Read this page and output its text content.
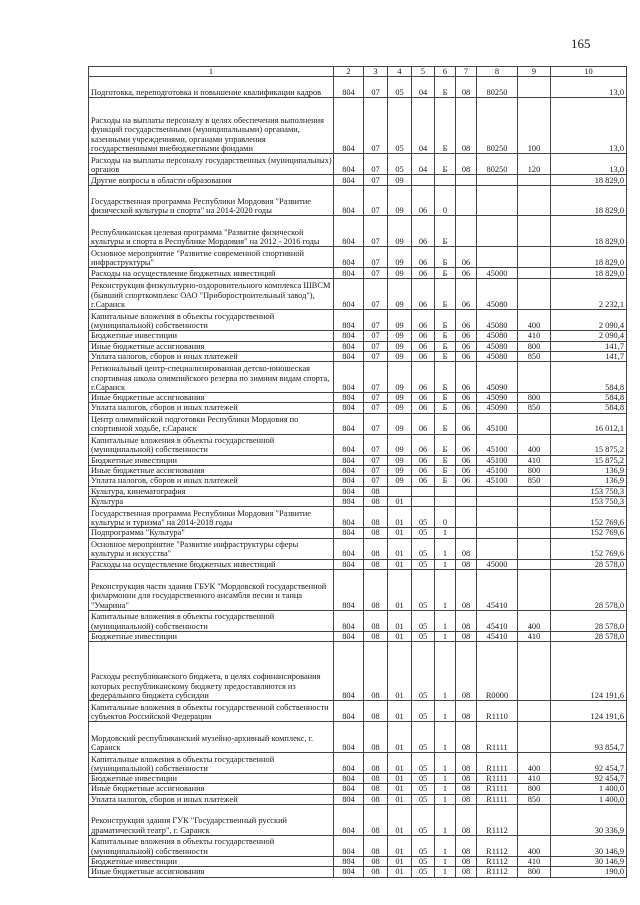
165
1	2	3	4	5	6	7	8	9	10
Подготовка, переподготовка и повышение квалификации кадров	804	07	05	04	Б	08	80250		13,0
Расходы на выплаты персоналу в целях обеспечения выполнения функций государственными (муниципальными) органами, казенными учреждениями, органами управления государственными внебюджетными фондами	804	07	05	04	Б	08	80250	100	13,0
Расходы на выплаты персоналу государственных (муниципальных) органов	804	07	05	04	Б	08	80250	120	13,0
Другие вопросы в области образования	804	07	09						18 829,0
Государственная программа Республики Мордовия "Развитие физической культуры и спорта" на 2014-2020 годы	804	07	09	06	0				18 829,0
Республиканская целевая программа "Развитие физической культуры и спорта в Республике Мордовия" на 2012 - 2016 годы	804	07	09	06	Б				18 829,0
Основное мероприятие "Развитие современной спортивной инфраструктуры"	804	07	09	06	Б	06			18 829,0
Расходы на осуществление бюджетных инвестиций	804	07	09	06	Б	06	45000		18 829,0
Реконструкция физкультурно-оздоровительного комплекса ШВСМ (бывший спорткомплекс ОАО "Приборостроительный завод"), г.Саранск	804	07	09	06	Б	06	45080		2 232,1
Капитальные вложения в объекты государственной (муниципальной) собственности	804	07	09	06	Б	06	45080	400	2 090,4
Бюджетные инвестиции	804	07	09	06	Б	06	45080	410	2 090,4
Иные бюджетные ассигнования	804	07	09	06	Б	06	45080	800	141,7
Уплата налогов, сборов и иных платежей	804	07	09	06	Б	06	45080	850	141,7
Региональный центр-специализированная детско-юношеская спортивная школа олимпийского резерва по зимним видам спорта, г.Саранск	804	07	09	06	Б	06	45090		584,8
Иные бюджетные ассигнования	804	07	09	06	Б	06	45090	800	584,8
Уплата налогов, сборов и иных платежей	804	07	09	06	Б	06	45090	850	584,8
Центр олимпийской подготовки Республики Мордовия по спортивной ходьбе, г.Саранск	804	07	09	06	Б	06	45100		16 012,1
Капитальные вложения в объекты государственной (муниципальной) собственности	804	07	09	06	Б	06	45100	400	15 875,2
Бюджетные инвестиции	804	07	09	06	Б	06	45100	410	15 875,2
Иные бюджетные ассигнования	804	07	09	06	Б	06	45100	800	136,9
Уплата налогов, сборов и иных платежей	804	07	09	06	Б	06	45100	850	136,9
Культура, кинематография	804	08							153 750,3
Культура	804	08	01						153 750,3
Государственная программа Республики Мордовия "Развитие культуры и туризма" на 2014-2018 годы	804	08	01	05	0				152 769,6
Подпрограмма "Культура"	804	08	01	05	1				152 769,6
Основное мероприятие "Развитие инфраструктуры сферы культуры и искусства"	804	08	01	05	1	08			152 769,6
Расходы на осуществление бюджетных инвестиций	804	08	01	05	1	08	45000		28 578,0
Реконструкция части здания ГБУК "Мордовской государственной филармонии для государственного ансамбля песни и танца "Умарина"	804	08	01	05	1	08	45410		28 578,0
Капитальные вложения в объекты государственной (муниципальной) собственности	804	08	01	05	1	08	45410	400	28 578,0
Бюджетные инвестиции	804	08	01	05	1	08	45410	410	28 578,0
Расходы республиканского бюджета, в целях софинансирования которых республиканскому бюджету предоставляются из федерального бюджета субсидии	804	08	01	05	1	08	R0000		124 191,6
Капитальные вложения в объекты государственной собственности субъектов Российской Федерации	804	08	01	05	1	08	R1110		124 191,6
Мордовский республиканский музейно-архивный комплекс, г. Саранск	804	08	01	05	1	08	R1111		93 854,7
Капитальные вложения в объекты государственной (муниципальной) собственности	804	08	01	05	1	08	R1111	400	92 454,7
Бюджетные инвестиции	804	08	01	05	1	08	R1111	410	92 454,7
Иные бюджетные ассигнования	804	08	01	05	1	08	R1111	800	1 400,0
Уплата налогов, сборов и иных платежей	804	08	01	05	1	08	R1111	850	1 400,0
Реконструкция здания ГУК "Государственный русский драматический театр", г. Саранск	804	08	01	05	1	08	R1112		30 336,9
Капитальные вложения в объекты государственной (муниципальной) собственности	804	08	01	05	1	08	R1112	400	30 146,9
Бюджетные инвестиции	804	08	01	05	1	08	R1112	410	30 146,9
Иные бюджетные ассигнования	804	08	01	05	1	08	R1112	800	190,0
